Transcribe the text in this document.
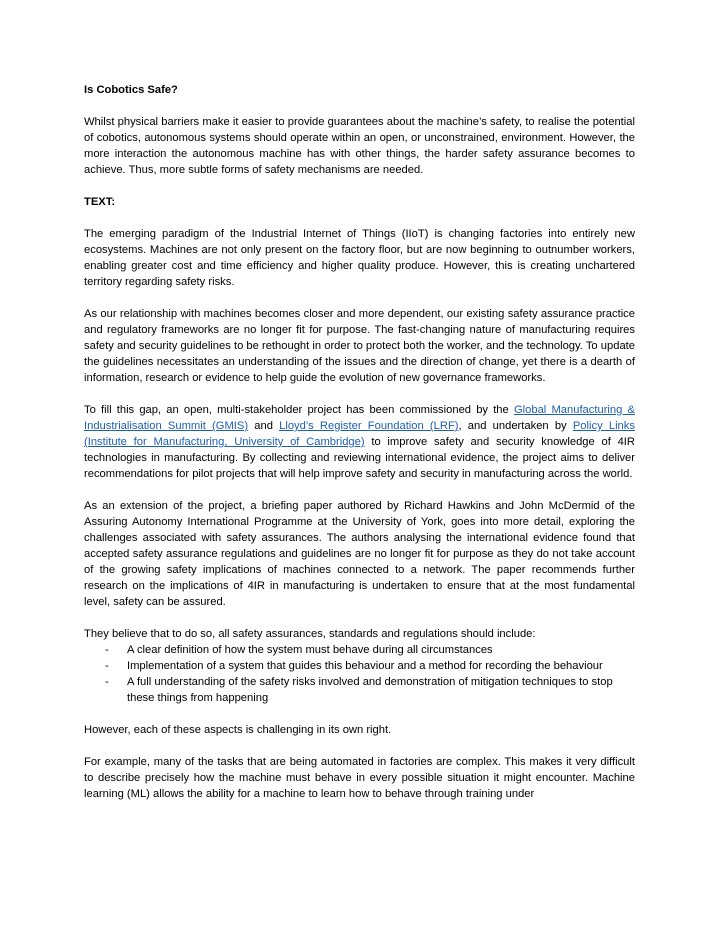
Is Cobotics Safe?

Whilst physical barriers make it easier to provide guarantees about the machine’s safety, to realise the potential of cobotics, autonomous systems should operate within an open, or unconstrained, environment. However, the more interaction the autonomous machine has with other things, the harder safety assurance becomes to achieve. Thus, more subtle forms of safety mechanisms are needed.

TEXT:

The emerging paradigm of the Industrial Internet of Things (IIoT) is changing factories into entirely new ecosystems. Machines are not only present on the factory floor, but are now beginning to outnumber workers, enabling greater cost and time efficiency and higher quality produce. However, this is creating unchartered territory regarding safety risks.

As our relationship with machines becomes closer and more dependent, our existing safety assurance practice and regulatory frameworks are no longer fit for purpose. The fast-changing nature of manufacturing requires safety and security guidelines to be rethought in order to protect both the worker, and the technology. To update the guidelines necessitates an understanding of the issues and the direction of change, yet there is a dearth of information, research or evidence to help guide the evolution of new governance frameworks.

To fill this gap, an open, multi-stakeholder project has been commissioned by the Global Manufacturing & Industrialisation Summit (GMIS) and Lloyd’s Register Foundation (LRF), and undertaken by Policy Links (Institute for Manufacturing, University of Cambridge) to improve safety and security knowledge of 4IR technologies in manufacturing. By collecting and reviewing international evidence, the project aims to deliver recommendations for pilot projects that will help improve safety and security in manufacturing across the world.

As an extension of the project, a briefing paper authored by Richard Hawkins and John McDermid of the Assuring Autonomy International Programme at the University of York, goes into more detail, exploring the challenges associated with safety assurances. The authors analysing the international evidence found that accepted safety assurance regulations and guidelines are no longer fit for purpose as they do not take account of the growing safety implications of machines connected to a network. The paper recommends further research on the implications of 4IR in manufacturing is undertaken to ensure that at the most fundamental level, safety can be assured.

They believe that to do so, all safety assurances, standards and regulations should include:

- A clear definition of how the system must behave during all circumstances
- Implementation of a system that guides this behaviour and a method for recording the behaviour
- A full understanding of the safety risks involved and demonstration of mitigation techniques to stop these things from happening

However, each of these aspects is challenging in its own right.

For example, many of the tasks that are being automated in factories are complex. This makes it very difficult to describe precisely how the machine must behave in every possible situation it might encounter. Machine learning (ML) allows the ability for a machine to learn how to behave through training under
